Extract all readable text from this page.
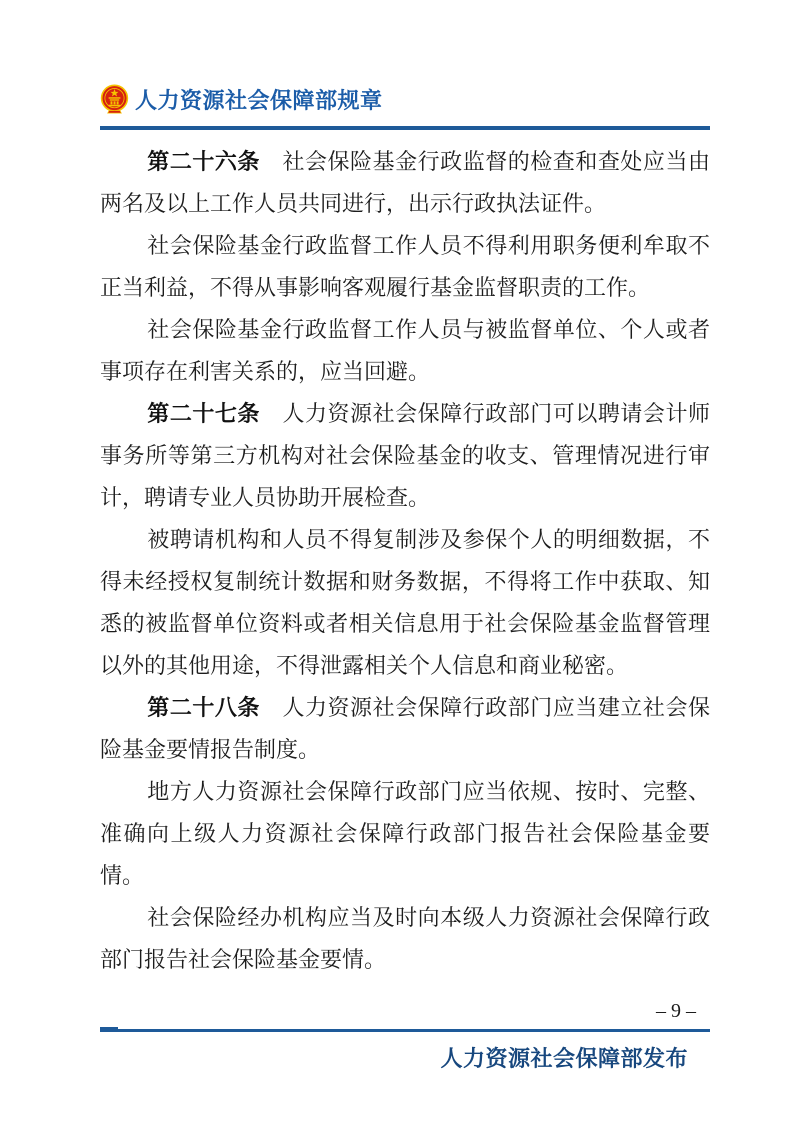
人力资源社会保障部规章

第二十六条　社会保险基金行政监督的检查和查处应当由两名及以上工作人员共同进行，出示行政执法证件。

社会保险基金行政监督工作人员不得利用职务便利牟取不正当利益，不得从事影响客观履行基金监督职责的工作。

社会保险基金行政监督工作人员与被监督单位、个人或者事项存在利害关系的，应当回避。

第二十七条　人力资源社会保障行政部门可以聘请会计师事务所等第三方机构对社会保险基金的收支、管理情况进行审计，聘请专业人员协助开展检查。

被聘请机构和人员不得复制涉及参保个人的明细数据，不得未经授权复制统计数据和财务数据，不得将工作中获取、知悉的被监督单位资料或者相关信息用于社会保险基金监督管理以外的其他用途，不得泄露相关个人信息和商业秘密。

第二十八条　人力资源社会保障行政部门应当建立社会保险基金要情报告制度。

地方人力资源社会保障行政部门应当依规、按时、完整、准确向上级人力资源社会保障行政部门报告社会保险基金要情。

社会保险经办机构应当及时向本级人力资源社会保障行政部门报告社会保险基金要情。

– 9 –
人力资源社会保障部发布
